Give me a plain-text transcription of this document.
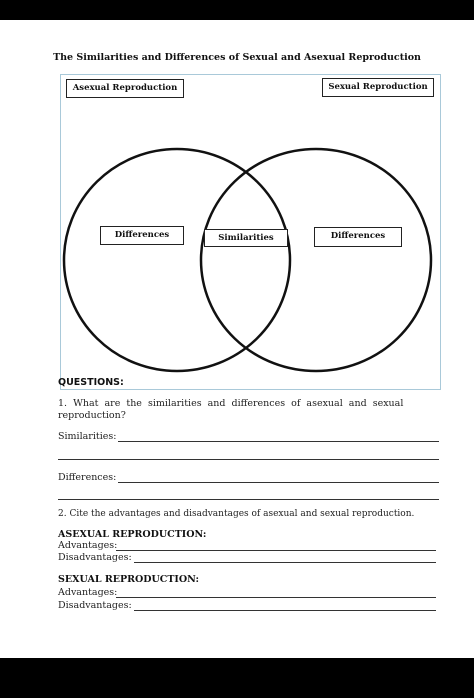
The Similarities and Differences of Sexual and Asexual Reproduction
Asexual Reproduction	Sexual Reproduction
Differences	Similarities	Differences
QUESTIONS:
1.  What  are  the  similarities  and  differences  of  asexual  and  sexual
reproduction?
Similarities:
Differences:
2. Cite the advantages and disadvantages of asexual and sexual reproduction.
ASEXUAL REPRODUCTION:
Advantages:
Disadvantages:
SEXUAL REPRODUCTION:
Advantages:
Disadvantages:
